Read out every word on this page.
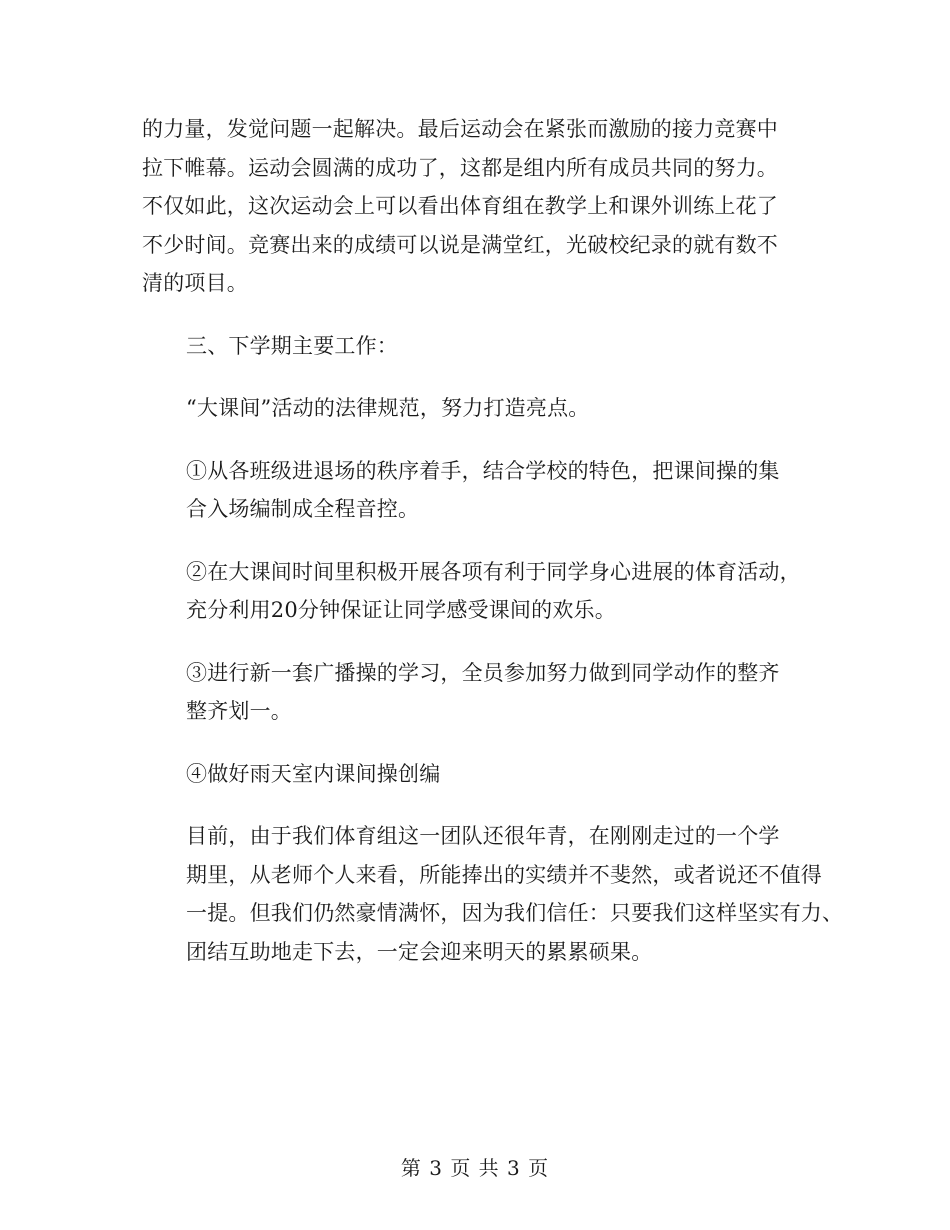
的力量，发觉问题一起解决。最后运动会在紧张而激励的接力竞赛中
拉下帷幕。运动会圆满的成功了，这都是组内所有成员共同的努力。
不仅如此，这次运动会上可以看出体育组在教学上和课外训练上花了
不少时间。竞赛出来的成绩可以说是满堂红，光破校纪录的就有数不
清的项目。

三、下学期主要工作：

“大课间”活动的法律规范，努力打造亮点。

①从各班级进退场的秩序着手，结合学校的特色，把课间操的集
合入场编制成全程音控。

②在大课间时间里积极开展各项有利于同学身心进展的体育活动，
充分利用20分钟保证让同学感受课间的欢乐。

③进行新一套广播操的学习，全员参加努力做到同学动作的整齐
整齐划一。

④做好雨天室内课间操创编

目前，由于我们体育组这一团队还很年青，在刚刚走过的一个学
期里，从老师个人来看，所能捧出的实绩并不斐然，或者说还不值得
一提。但我们仍然豪情满怀，因为我们信任：只要我们这样坚实有力、
团结互助地走下去，一定会迎来明天的累累硕果。

第 3 页 共 3 页
